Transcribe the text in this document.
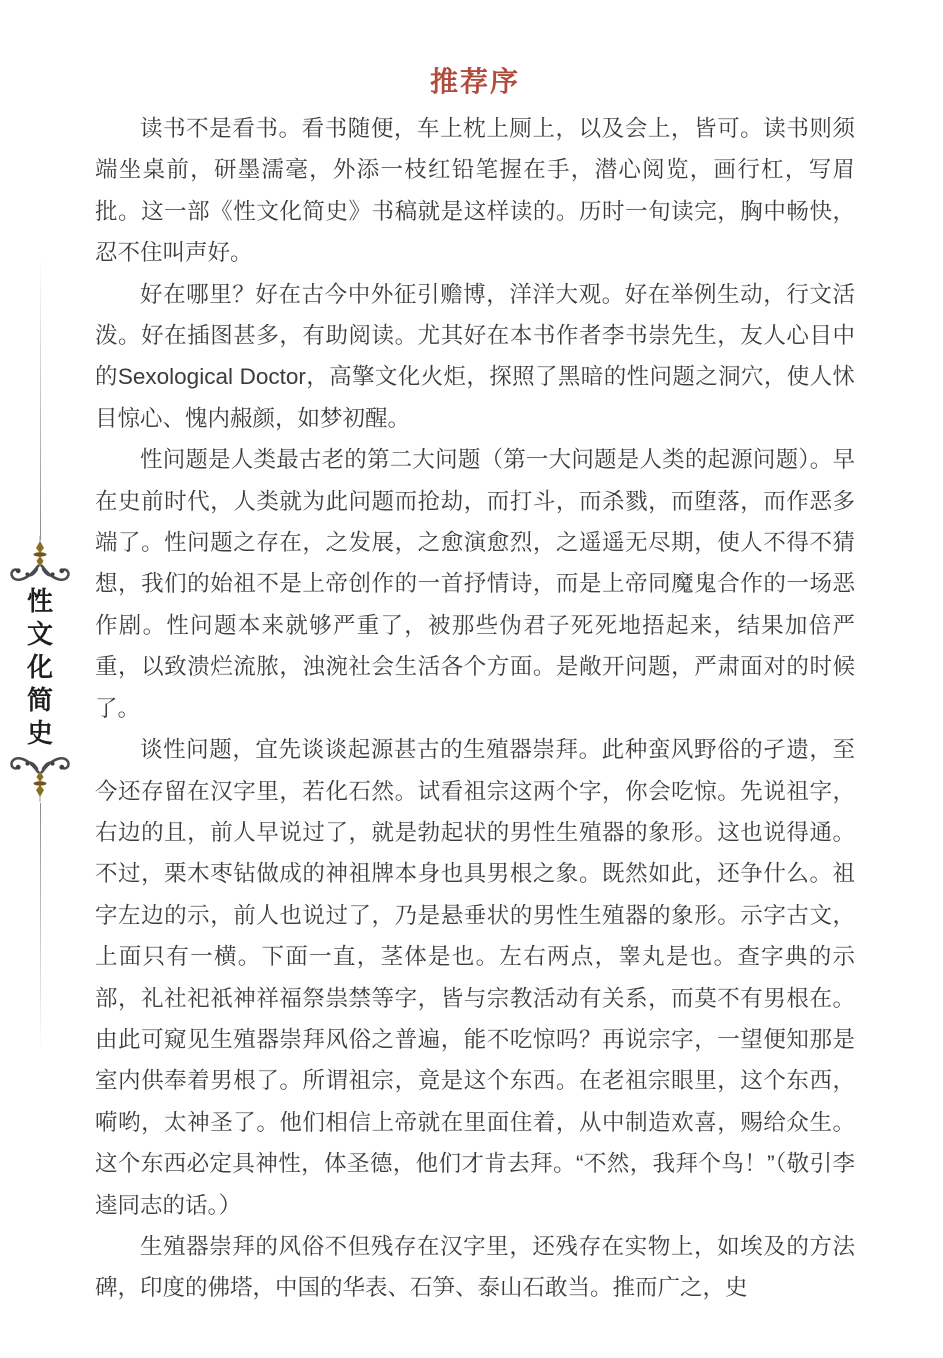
性
文
化
简
史
推荐序

读书不是看书。看书随便，车上枕上厕上，以及会上，皆可。读书则须端坐桌前，研墨濡毫，外添一枝红铅笔握在手，潜心阅览，画行杠，写眉批。这一部《性文化简史》书稿就是这样读的。历时一旬读完，胸中畅快，忍不住叫声好。

好在哪里？好在古今中外征引赡博，洋洋大观。好在举例生动，行文活泼。好在插图甚多，有助阅读。尤其好在本书作者李书崇先生，友人心目中的Sexological Doctor，高擎文化火炬，探照了黑暗的性问题之洞穴，使人怵目惊心、愧内赧颜，如梦初醒。

性问题是人类最古老的第二大问题（第一大问题是人类的起源问题）。早在史前时代，人类就为此问题而抢劫，而打斗，而杀戮，而堕落，而作恶多端了。性问题之存在，之发展，之愈演愈烈，之遥遥无尽期，使人不得不猜想，我们的始祖不是上帝创作的一首抒情诗，而是上帝同魔鬼合作的一场恶作剧。性问题本来就够严重了，被那些伪君子死死地捂起来，结果加倍严重，以致溃烂流脓，浊涴社会生活各个方面。是敞开问题，严肃面对的时候了。

谈性问题，宜先谈谈起源甚古的生殖器崇拜。此种蛮风野俗的孑遗，至今还存留在汉字里，若化石然。试看祖宗这两个字，你会吃惊。先说祖字，右边的且，前人早说过了，就是勃起状的男性生殖器的象形。这也说得通。不过，栗木枣钻做成的神祖牌本身也具男根之象。既然如此，还争什么。祖字左边的示，前人也说过了，乃是悬垂状的男性生殖器的象形。示字古文，上面只有一横。下面一直，茎体是也。左右两点，睾丸是也。查字典的示部，礼社祀祇神祥福祭祟禁等字，皆与宗教活动有关系，而莫不有男根在。由此可窥见生殖器崇拜风俗之普遍，能不吃惊吗？再说宗字，一望便知那是室内供奉着男根了。所谓祖宗，竟是这个东西。在老祖宗眼里，这个东西，嗬哟，太神圣了。他们相信上帝就在里面住着，从中制造欢喜，赐给众生。这个东西必定具神性，体圣德，他们才肯去拜。“不然，我拜个鸟！”（敬引李逵同志的话。）

生殖器崇拜的风俗不但残存在汉字里，还残存在实物上，如埃及的方法碑，印度的佛塔，中国的华表、石笋、泰山石敢当。推而广之，史
